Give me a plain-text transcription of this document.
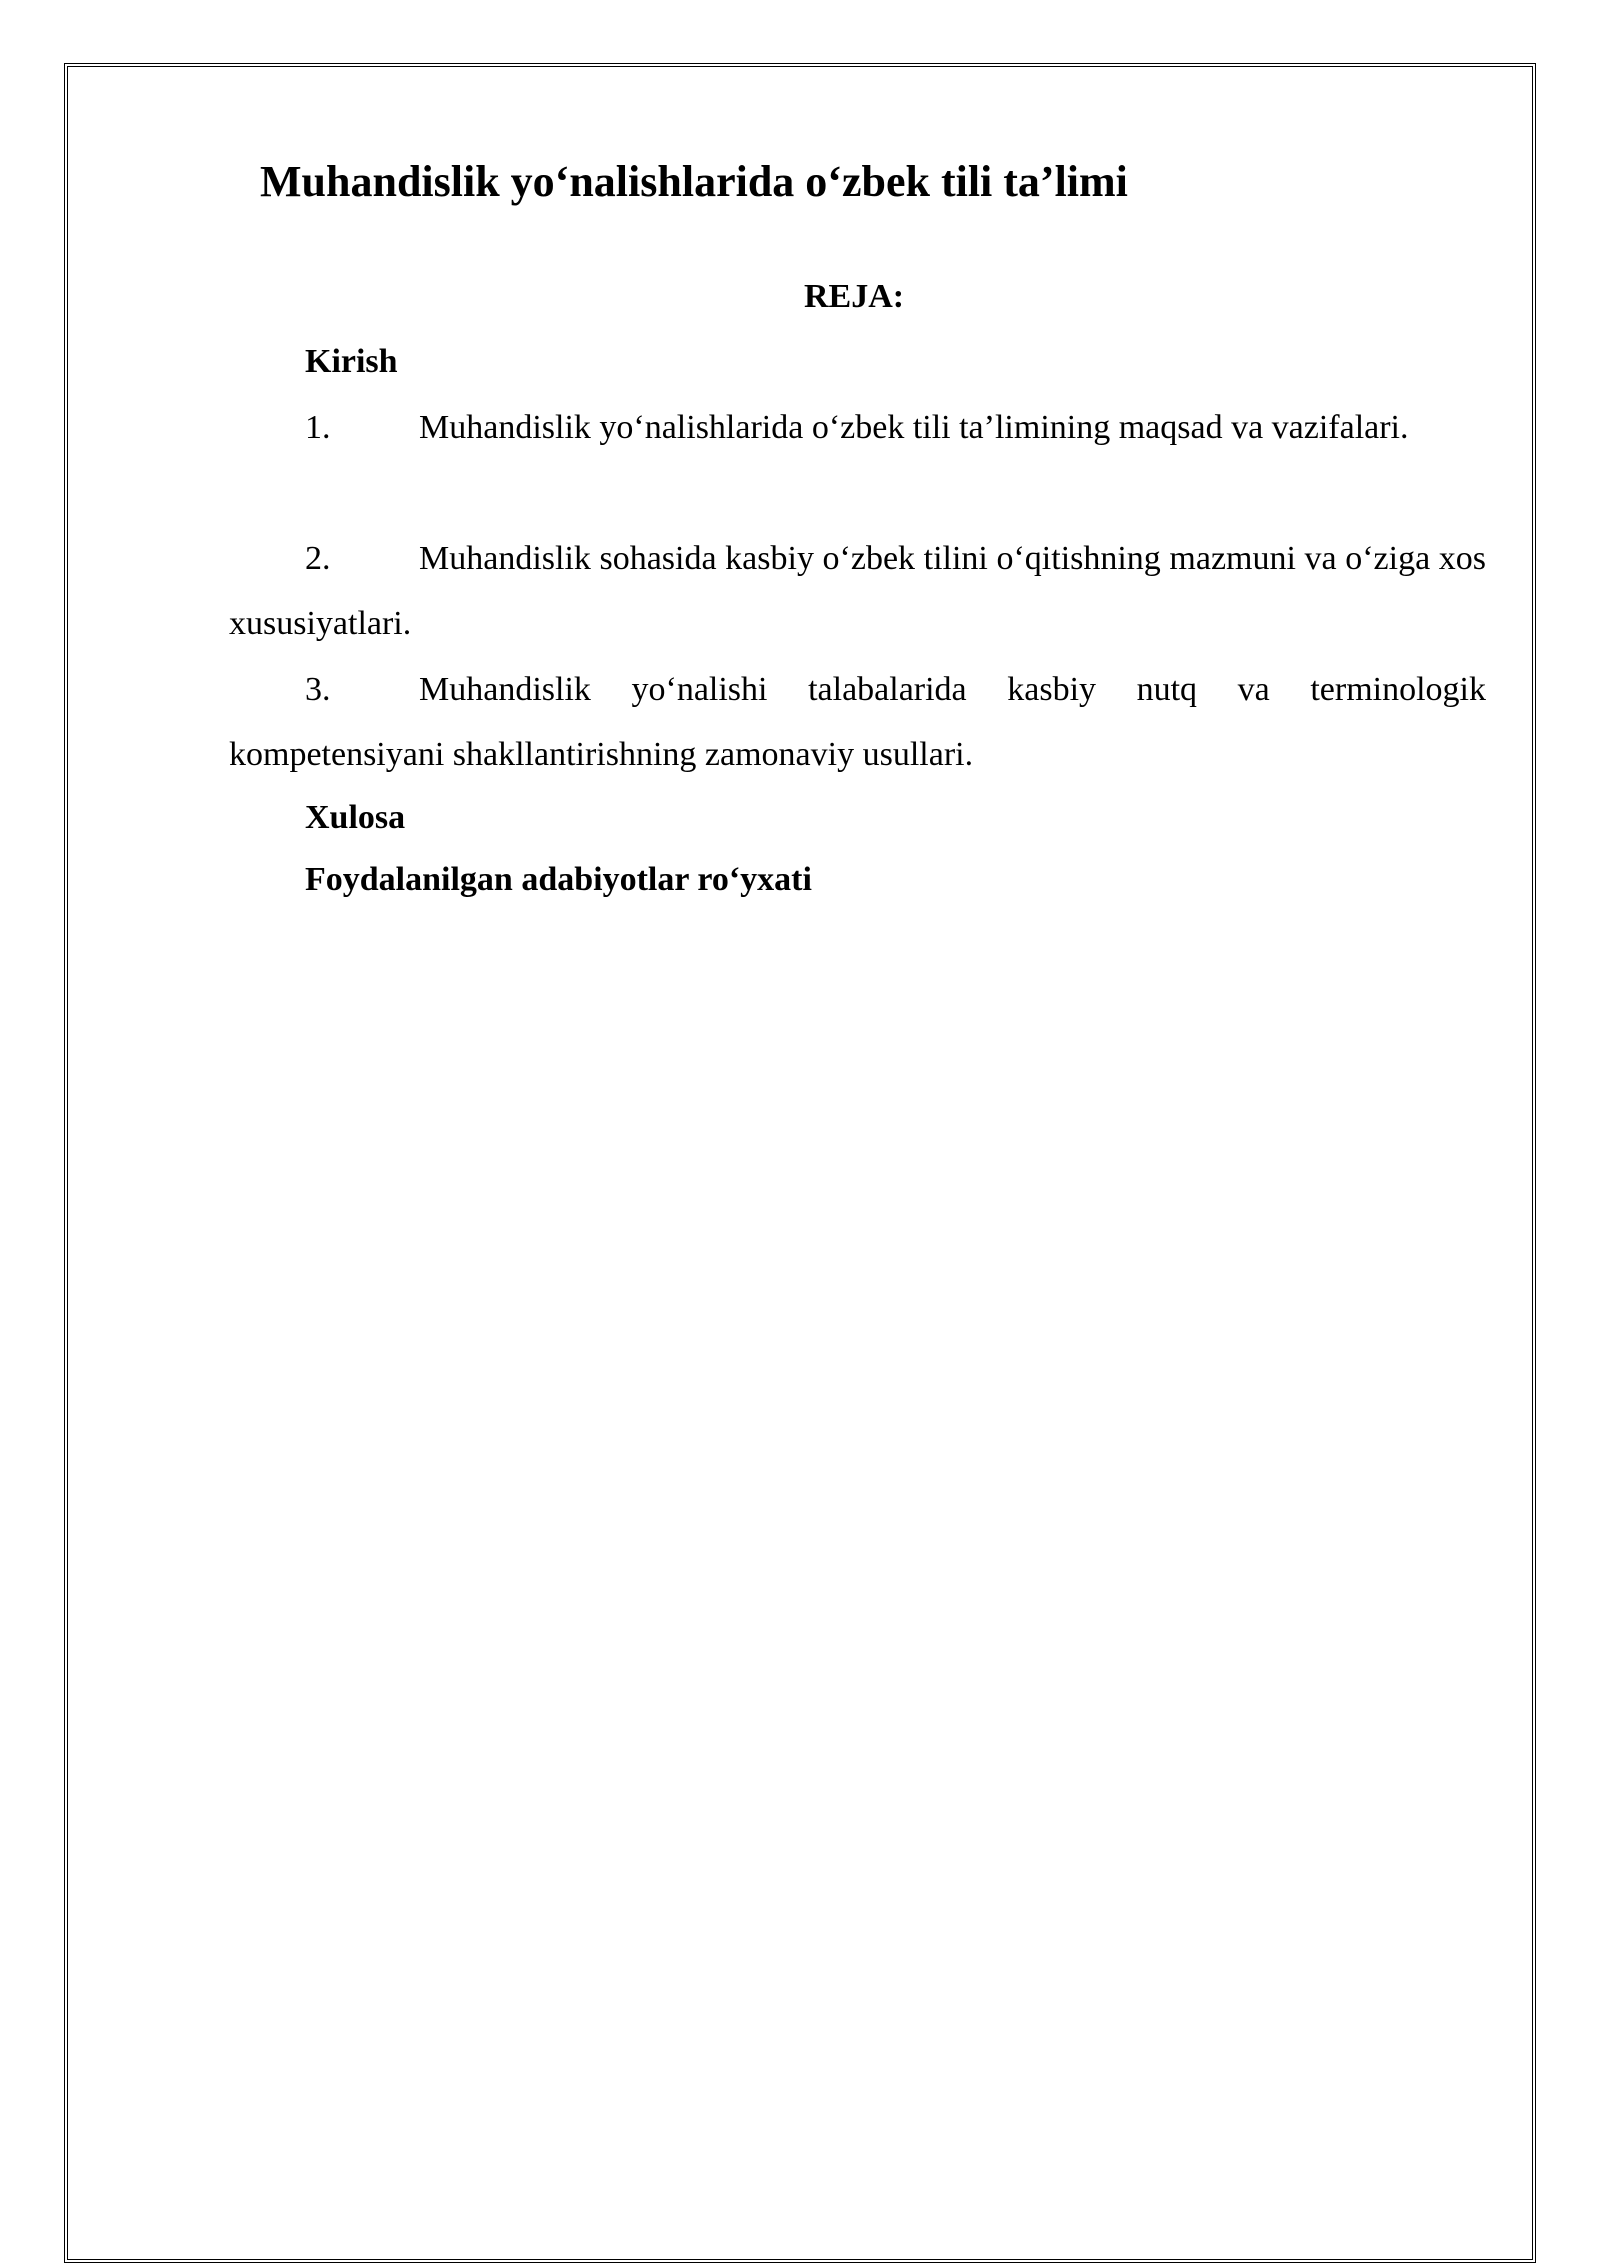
Muhandislik yo‘nalishlarida o‘zbek tili ta’limi
REJA:
Kirish
1.	Muhandislik yo‘nalishlarida o‘zbek tili ta’limining maqsad va vazifalari.
2.	Muhandislik sohasida kasbiy o‘zbek tilini o‘qitishning mazmuni va o‘ziga xos xususiyatlari.
3.	Muhandislik yo‘nalishi talabalarida kasbiy nutq va terminologik kompetensiyani shakllantirishning zamonaviy usullari.
Xulosa
Foydalanilgan adabiyotlar ro‘yxati
